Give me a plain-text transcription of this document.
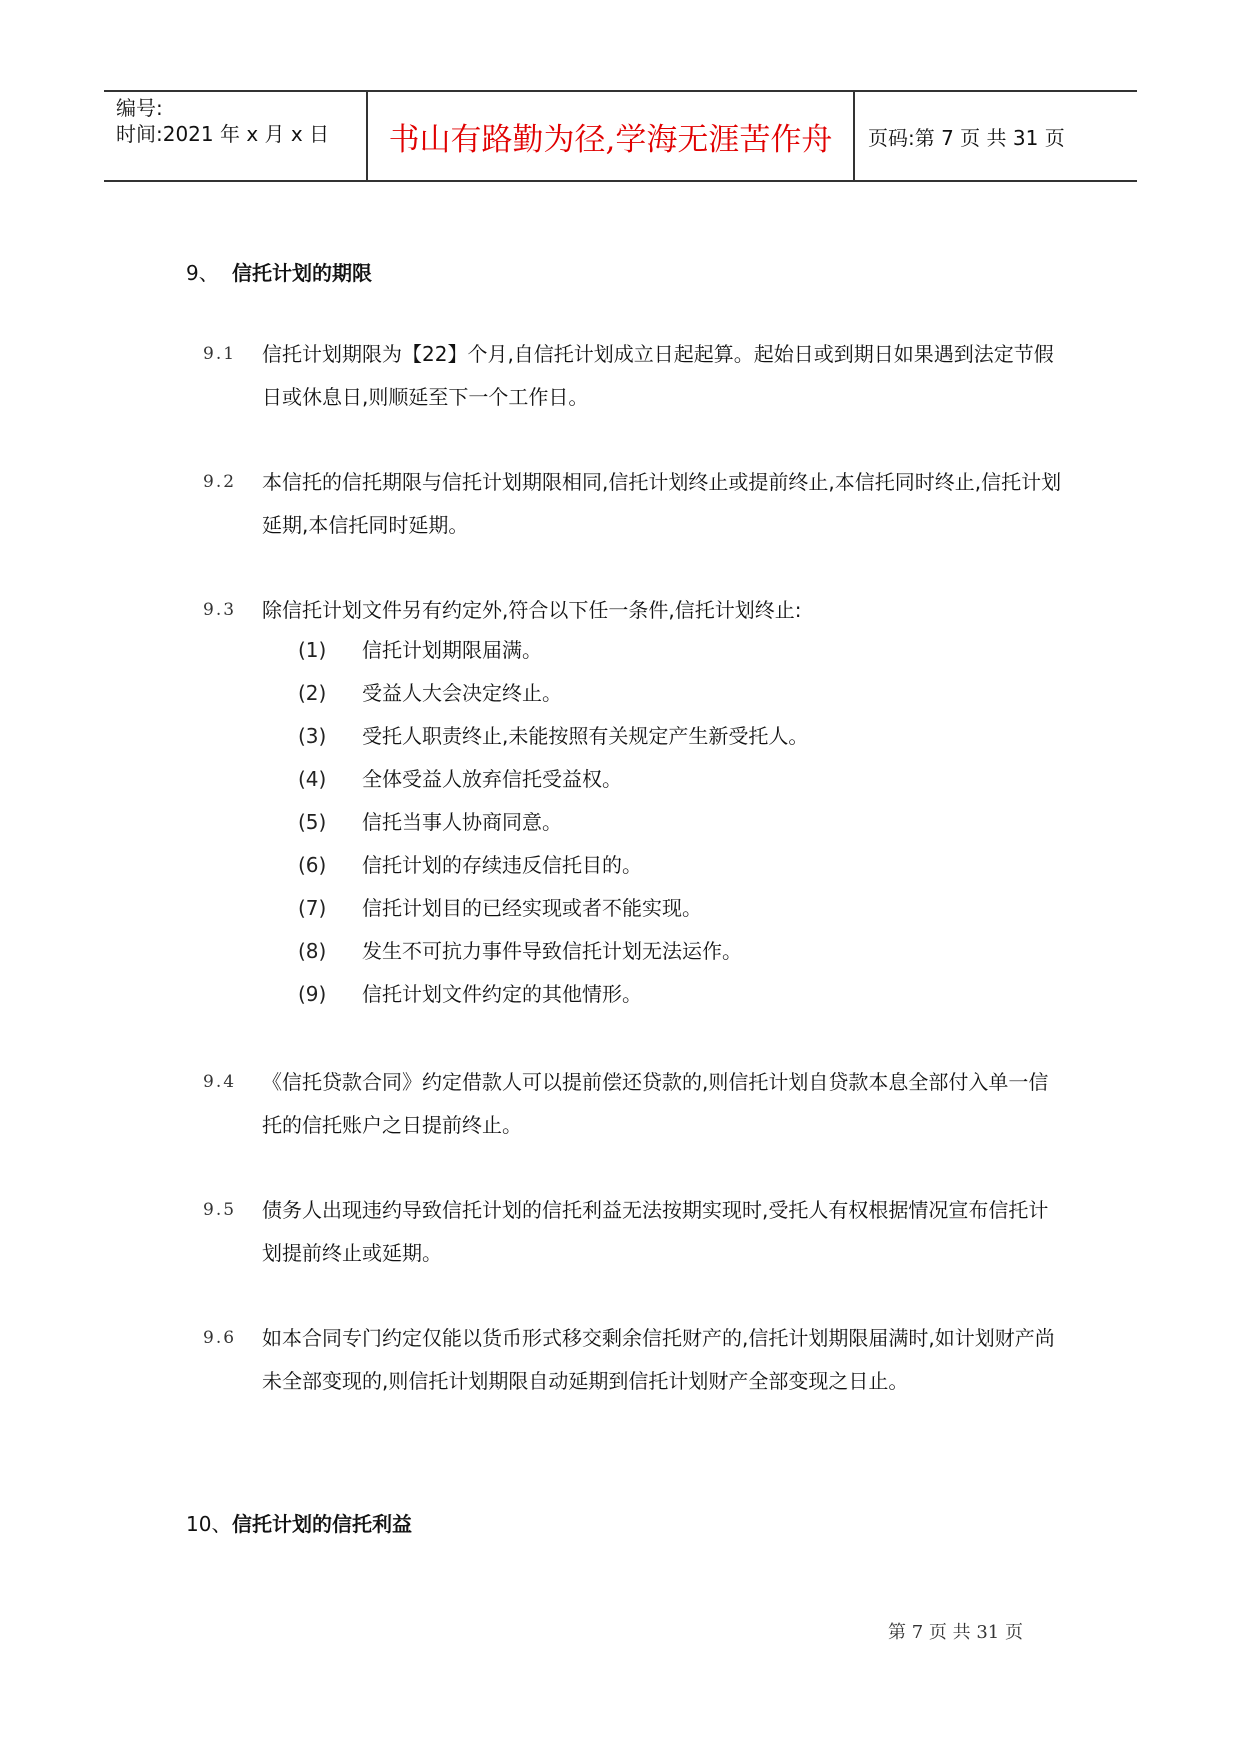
编号:
时间:2021 年 x 月 x 日	书山有路勤为径,学海无涯苦作舟	页码:第 7 页 共 31 页
9、 信托计划的期限
9.1 信托计划期限为【22】个月,自信托计划成立日起起算。起始日或到期日如果遇到法定节假日或休息日,则顺延至下一个工作日。
9.2 本信托的信托期限与信托计划期限相同,信托计划终止或提前终止,本信托同时终止,信托计划延期,本信托同时延期。
9.3 除信托计划文件另有约定外,符合以下任一条件,信托计划终止:
(1) 信托计划期限届满。
(2) 受益人大会决定终止。
(3) 受托人职责终止,未能按照有关规定产生新受托人。
(4) 全体受益人放弃信托受益权。
(5) 信托当事人协商同意。
(6) 信托计划的存续违反信托目的。
(7) 信托计划目的已经实现或者不能实现。
(8) 发生不可抗力事件导致信托计划无法运作。
(9) 信托计划文件约定的其他情形。
9.4 《信托贷款合同》约定借款人可以提前偿还贷款的,则信托计划自贷款本息全部付入单一信托的信托账户之日提前终止。
9.5 债务人出现违约导致信托计划的信托利益无法按期实现时,受托人有权根据情况宣布信托计划提前终止或延期。
9.6 如本合同专门约定仅能以货币形式移交剩余信托财产的,信托计划期限届满时,如计划财产尚未全部变现的,则信托计划期限自动延期到信托计划财产全部变现之日止。
10、信托计划的信托利益
第 7 页 共 31 页
